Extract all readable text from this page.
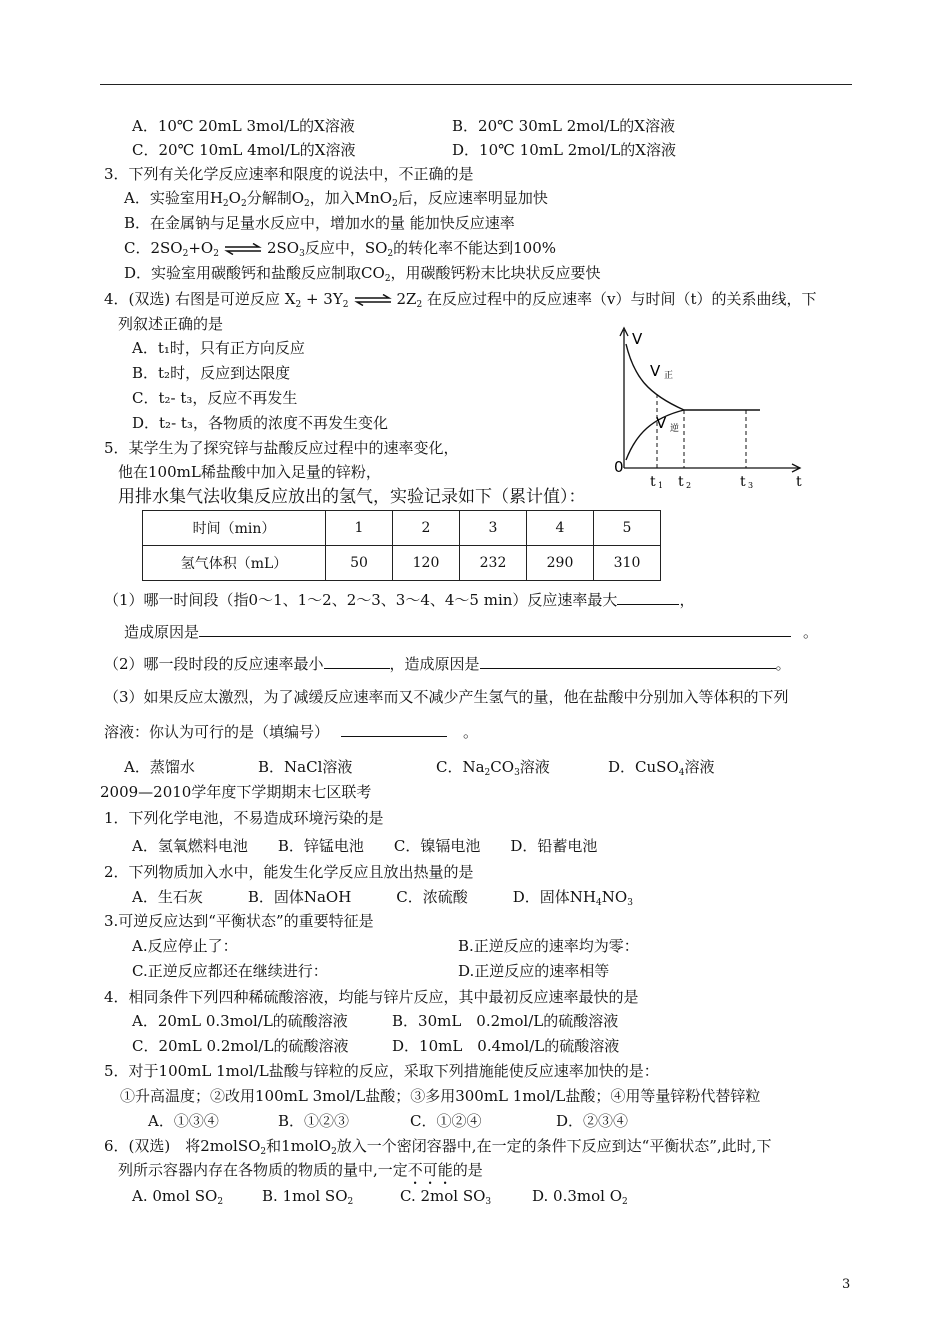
A．10℃ 20mL 3mol/L的X溶液	B．20℃ 30mL 2mol/L的X溶液
C．20℃ 10mL 4mol/L的X溶液	D．10℃ 10mL 2mol/L的X溶液
3．下列有关化学反应速率和限度的说法中，不正确的是
A．实验室用$H_2O_2$分解制$O_2$，加入MnO$_2$后，反应速率明显加快
B．在金属钠与足量水反应中，增加水的量 能加快反应速率
C．$2SO_2+O_2$ ⇌ $2SO_3$反应中，$SO_2$的转化率不能达到100%
D．实验室用碳酸钙和盐酸反应制取$CO_2$，用碳酸钙粉末比块状反应要快
4．(双选) 右图是可逆反应 $X_2 + 3Y_2$ ⇌ $2Z_2$ 在反应过程中的反应速率（v）与时间（t）的关系曲线，下
列叙述正确的是
A．t₁时，只有正方向反应
B．t₂时，反应到达限度
C．t₂- t₃，反应不再发生
D．t₂- t₃，各物质的浓度不再发生变化
V
V 正
V 逆
0
t 1 t 2	t 3	t
5．某学生为了探究锌与盐酸反应过程中的速率变化，
他在100mL稀盐酸中加入足量的锌粉，
用排水集气法收集反应放出的氢气，实验记录如下（累计值）：
时间（min）	1	2	3	4	5
氢气体积（mL）	50	120	232	290	310
（1）哪一时间段（指0～1、1～2、2～3、3～4、4～5 min）反应速率最大	，
造成原因是	。
（2）哪一段时段的反应速率最小	，造成原因是	。
（3）如果反应太激烈，为了减缓反应速率而又不减少产生氢气的量，他在盐酸中分别加入等体积的下列
溶液：你认为可行的是（填编号）	。
A．蒸馏水	B．NaCl溶液	C．$Na_2CO_3$溶液	D．CuSO$_4$溶液
2009—2010学年度下学期期末七区联考
1．下列化学电池，不易造成环境污染的是
A．氢氧燃料电池　　B．锌锰电池　　C．镍镉电池　　D．铅蓄电池
2．下列物质加入水中，能发生化学反应且放出热量的是
A．生石灰　　　B．固体NaOH　　　C．浓硫酸　　　D．固体$NH_4NO_3$
3.可逆反应达到“平衡状态”的重要特征是
A.反应停止了：	B.正逆反应的速率均为零：
C.正逆反应都还在继续进行：	D.正逆反应的速率相等
4．相同条件下列四种稀硫酸溶液，均能与锌片反应，其中最初反应速率最快的是
A．20mL 0.3mol/L的硫酸溶液	B．30mL　0.2mol/L的硫酸溶液
C．20mL 0.2mol/L的硫酸溶液	D．10mL　0.4mol/L的硫酸溶液
5．对于100mL 1mol/L盐酸与锌粒的反应，采取下列措施能使反应速率加快的是：
①升高温度；②改用100mL 3mol/L盐酸；③多用300mL 1mol/L盐酸；④用等量锌粉代替锌粒
A．①③④	B．①②③	C．①②④	D．②③④
6．(双选)　将2molSO$_2$和1molO$_2$放入一个密闭容器中,在一定的条件下反应到达“平衡状态”,此时,下
列所示容器内存在各物质的物质的量中,一定不可能的是
A. 0mol $SO_2$	B. 1mol $SO_2$	C. 2mol $SO_3$	D. 0.3mol $O_2$
3
